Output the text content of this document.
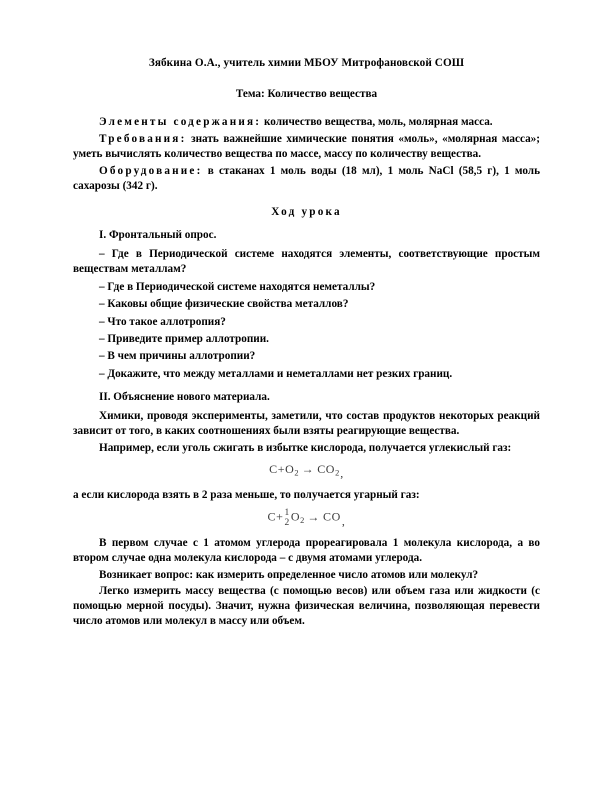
Зябкина О.А., учитель химии МБОУ Митрофановской СОШ
Тема: Количество вещества

Элементы содержания: количество вещества, моль, молярная масса.

Требования: знать важнейшие химические понятия «моль», «молярная масса»; уметь вычислять количество вещества по массе, массу по количеству вещества.

Оборудование: в стаканах 1 моль воды (18 мл), 1 моль NaCl (58,5 г), 1 моль сахарозы (342 г).

Ход урока

I. Фронтальный опрос.

– Где в Периодической системе находятся элементы, соответствующие простым веществам металлам?
– Где в Периодической системе находятся неметаллы?
– Каковы общие физические свойства металлов?
– Что такое аллотропия?
– Приведите пример аллотропии.
– В чем причины аллотропии?
– Докажите, что между металлами и неметаллами нет резких границ.

II. Объяснение нового материала.

Химики, проводя эксперименты, заметили, что состав продуктов некоторых реакций зависит от того, в каких соотношениях были взяты реагирующие вещества.

Например, если уголь сжигать в избытке кислорода, получается углекислый газ:

$C+O_2 \to CO_2$,

а если кислорода взять в 2 раза меньше, то получается угарный газ:

C+ 1
2 $O_2$ → CO,

В первом случае с 1 атомом углерода прореагировала 1 молекула кислорода, а во втором случае одна молекула кислорода – с двумя атомами углерода.

Возникает вопрос: как измерить определенное число атомов или молекул?

Легко измерить массу вещества (с помощью весов) или объем газа или жидкости (с помощью мерной посуды). Значит, нужна физическая величина, позволяющая перевести число атомов или молекул в массу или объем.
